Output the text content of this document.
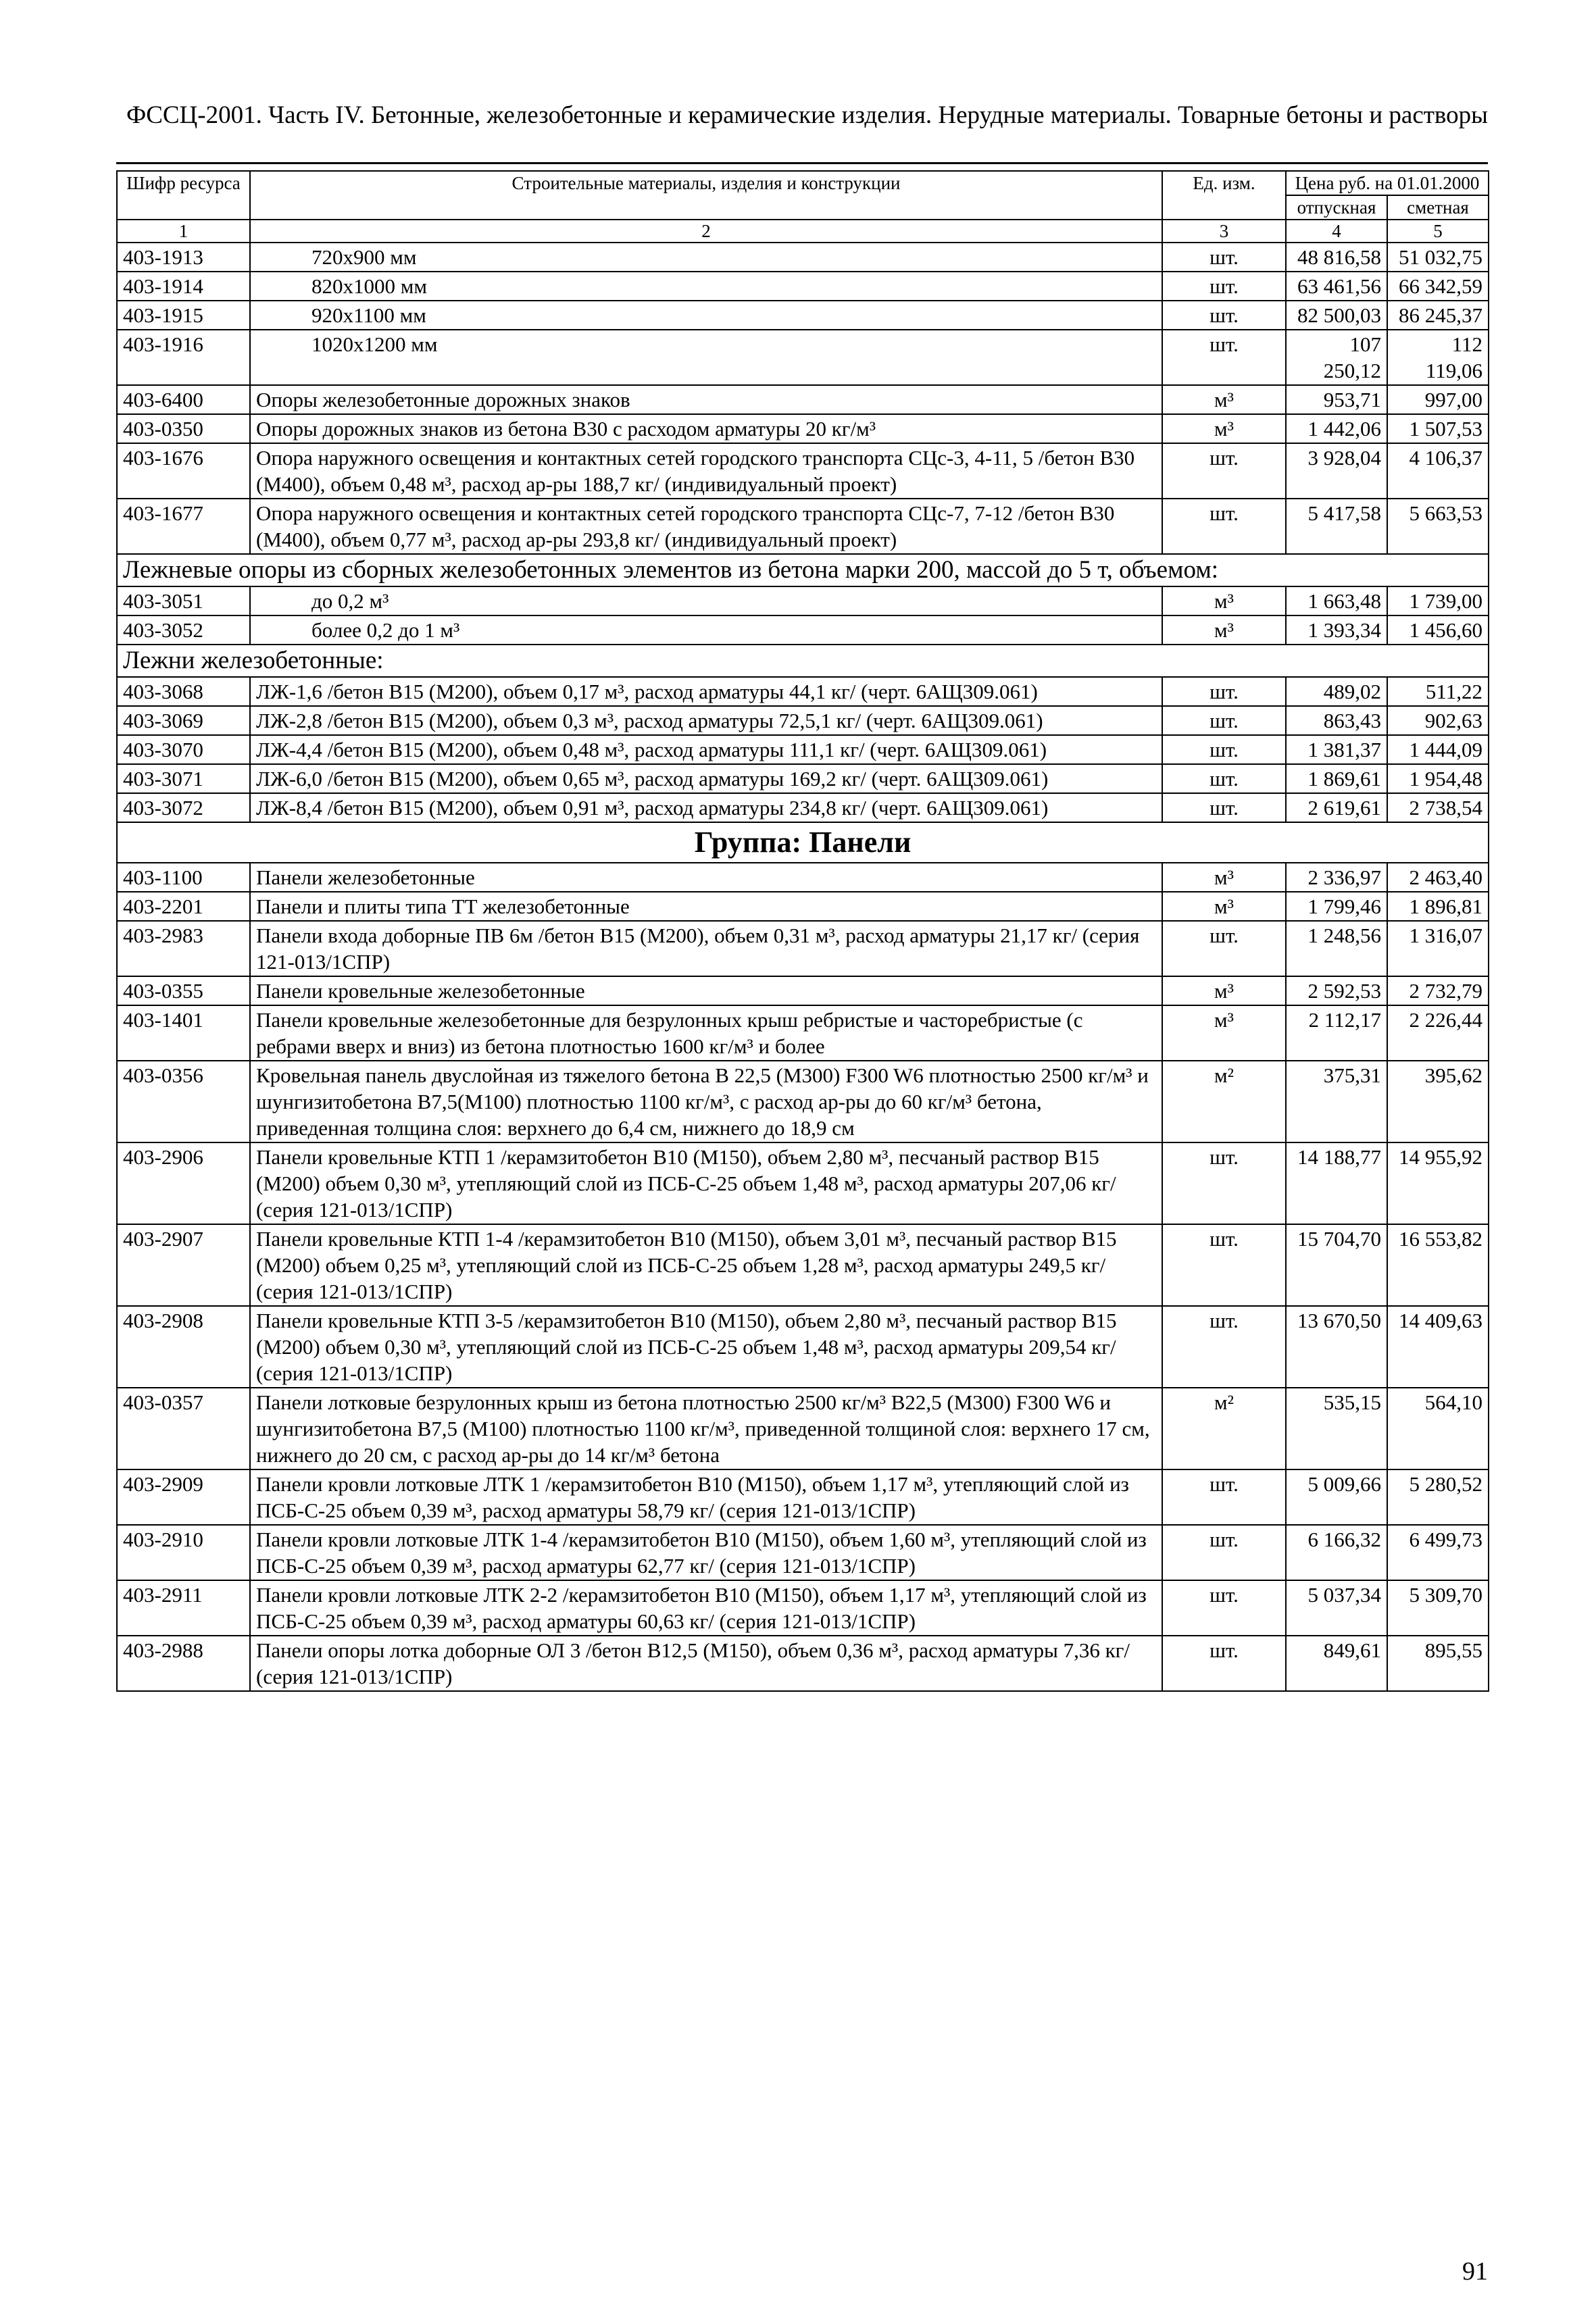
ФССЦ-2001. Часть IV. Бетонные, железобетонные и керамические изделия. Нерудные материалы. Товарные бетоны и растворы
Шифр ресурса	Строительные материалы, изделия и конструкции	Ед. изм.	Цена руб. на 01.01.2000	
			отпускная	сметная
1	2	3	4	5
403-1913	720x900 мм	шт.	48 816,58	51 032,75
403-1914	820x1000 мм	шт.	63 461,56	66 342,59
403-1915	920x1100 мм	шт.	82 500,03	86 245,37
403-1916	1020x1200 мм	шт.	107 250,12	112 119,06
403-6400	Опоры железобетонные дорожных знаков	м³	953,71	997,00
403-0350	Опоры дорожных знаков из бетона В30 с расходом арматуры 20 кг/м³	м³	1 442,06	1 507,53
403-1676	Опора наружного освещения и контактных сетей городского транспорта СЦс-3, 4-11, 5 /бетон В30 (М400), объем 0,48 м³, расход ар-ры 188,7 кг/ (индивидуальный проект)	шт.	3 928,04	4 106,37
403-1677	Опора наружного освещения и контактных сетей городского транспорта СЦс-7, 7-12 /бетон В30 (М400), объем 0,77 м³, расход ар-ры 293,8 кг/ (индивидуальный проект)	шт.	5 417,58	5 663,53
Лежневые опоры из сборных железобетонных элементов из бетона марки 200, массой до 5 т, объемом:				
403-3051	до 0,2 м³	м³	1 663,48	1 739,00
403-3052	более 0,2 до 1 м³	м³	1 393,34	1 456,60
Лежни железобетонные:				
403-3068	ЛЖ-1,6 /бетон В15 (М200), объем 0,17 м³, расход арматуры 44,1 кг/ (черт. 6АЩ309.061)	шт.	489,02	511,22
403-3069	ЛЖ-2,8 /бетон В15 (М200), объем 0,3 м³, расход арматуры 72,5,1 кг/ (черт. 6АЩ309.061)	шт.	863,43	902,63
403-3070	ЛЖ-4,4 /бетон В15 (М200), объем 0,48 м³, расход арматуры 111,1 кг/ (черт. 6АЩ309.061)	шт.	1 381,37	1 444,09
403-3071	ЛЖ-6,0 /бетон В15 (М200), объем 0,65 м³, расход арматуры 169,2 кг/ (черт. 6АЩ309.061)	шт.	1 869,61	1 954,48
403-3072	ЛЖ-8,4 /бетон В15 (М200), объем 0,91 м³, расход арматуры 234,8 кг/ (черт. 6АЩ309.061)	шт.	2 619,61	2 738,54
Группа: Панели				
403-1100	Панели железобетонные	м³	2 336,97	2 463,40
403-2201	Панели и плиты типа ТТ железобетонные	м³	1 799,46	1 896,81
403-2983	Панели входа доборные ПВ 6м /бетон В15 (М200), объем 0,31 м³, расход арматуры 21,17 кг/ (серия 121-013/1СПР)	шт.	1 248,56	1 316,07
403-0355	Панели кровельные железобетонные	м³	2 592,53	2 732,79
403-1401	Панели кровельные железобетонные для безрулонных крыш ребристые и часторебристые (с ребрами вверх и вниз) из бетона плотностью 1600 кг/м³ и более	м³	2 112,17	2 226,44
403-0356	Кровельная панель двуслойная из тяжелого бетона В 22,5 (М300) F300 W6 плотностью 2500 кг/м³ и шунгизитобетона В7,5(М100) плотностью 1100 кг/м³, с расход ар-ры до 60 кг/м³ бетона, приведенная толщина слоя: верхнего до 6,4 см, нижнего до 18,9 см	м²	375,31	395,62
403-2906	Панели кровельные КТП 1 /керамзитобетон В10 (М150), объем 2,80 м³, песчаный раствор В15 (М200) объем 0,30 м³, утепляющий слой из ПСБ-С-25 объем 1,48 м³, расход арматуры 207,06 кг/ (серия 121-013/1СПР)	шт.	14 188,77	14 955,92
403-2907	Панели кровельные КТП 1-4 /керамзитобетон В10 (М150), объем 3,01 м³, песчаный раствор В15 (М200) объем 0,25 м³, утепляющий слой из ПСБ-С-25 объем 1,28 м³, расход арматуры 249,5 кг/ (серия 121-013/1СПР)	шт.	15 704,70	16 553,82
403-2908	Панели кровельные КТП 3-5 /керамзитобетон В10 (М150), объем 2,80 м³, песчаный раствор В15 (М200) объем 0,30 м³, утепляющий слой из ПСБ-С-25 объем 1,48 м³, расход арматуры 209,54 кг/ (серия 121-013/1СПР)	шт.	13 670,50	14 409,63
403-0357	Панели лотковые безрулонных крыш из бетона плотностью 2500 кг/м³ В22,5 (М300) F300 W6 и шунгизитобетона В7,5 (М100) плотностью 1100 кг/м³, приведенной толщиной слоя: верхнего 17 см, нижнего до 20 см, с расход ар-ры до 14 кг/м³ бетона	м²	535,15	564,10
403-2909	Панели кровли лотковые ЛТК 1 /керамзитобетон В10 (М150), объем 1,17 м³, утепляющий слой из ПСБ-С-25 объем 0,39 м³, расход арматуры 58,79 кг/ (серия 121-013/1СПР)	шт.	5 009,66	5 280,52
403-2910	Панели кровли лотковые ЛТК 1-4 /керамзитобетон В10 (М150), объем 1,60 м³, утепляющий слой из ПСБ-С-25 объем 0,39 м³, расход арматуры 62,77 кг/ (серия 121-013/1СПР)	шт.	6 166,32	6 499,73
403-2911	Панели кровли лотковые ЛТК 2-2 /керамзитобетон В10 (М150), объем 1,17 м³, утепляющий слой из ПСБ-С-25 объем 0,39 м³, расход арматуры 60,63 кг/ (серия 121-013/1СПР)	шт.	5 037,34	5 309,70
403-2988	Панели опоры лотка доборные ОЛ 3 /бетон В12,5 (М150), объем 0,36 м³, расход арматуры 7,36 кг/ (серия 121-013/1СПР)	шт.	849,61	895,55
91
